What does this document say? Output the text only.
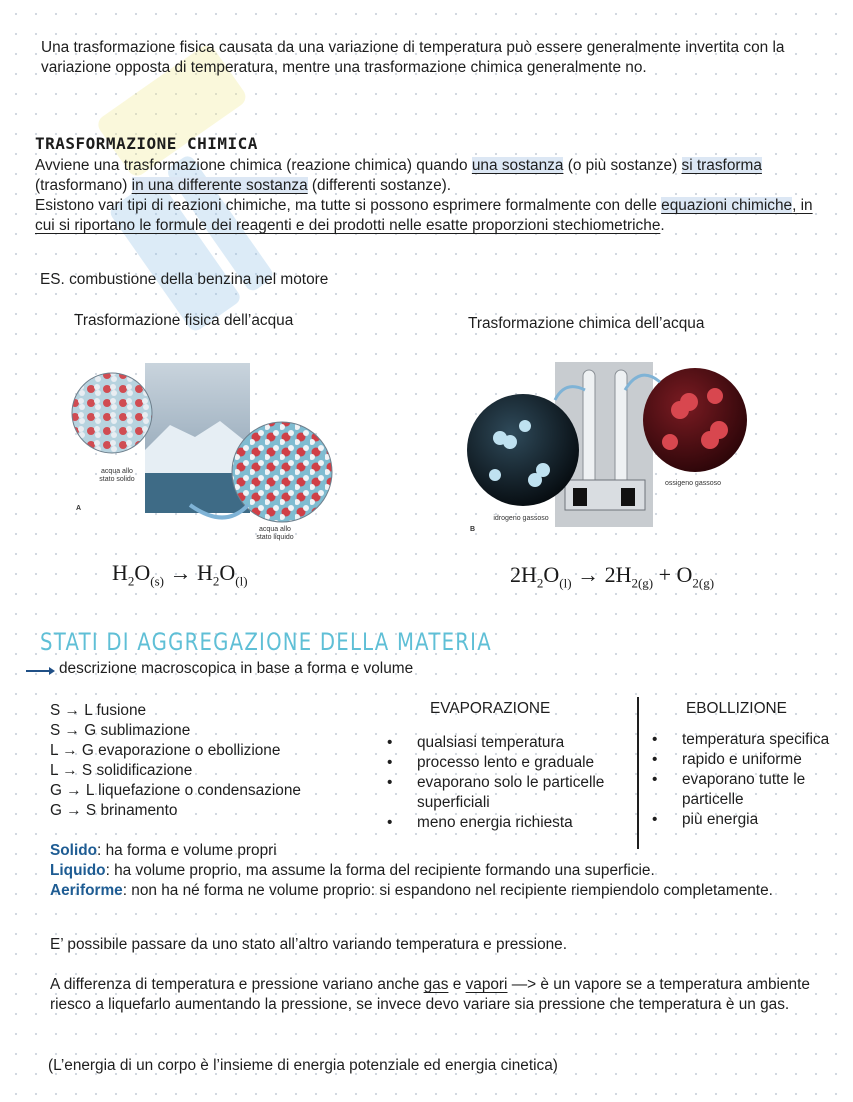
Una trasformazione fisica causata da una variazione di temperatura può essere generalmente invertita con la variazione opposta di temperatura, mentre una trasformazione chimica generalmente no.
TRASFORMAZIONE CHIMICA
Avviene una trasformazione chimica (reazione chimica) quando una sostanza (o più sostanze) si trasforma (trasformano) in una differente sostanza (differenti sostanze).
Esistono vari tipi di reazioni chimiche, ma tutte si possono esprimere formalmente con delle equazioni chimiche, in cui si riportano le formule dei reagenti e dei prodotti nelle esatte proporzioni stechiometriche.
ES. combustione della benzina nel motore
Trasformazione fisica dell’acqua	Trasformazione chimica dell’acqua
acqua allo stato solido
acqua allo stato liquido
A
idrogeno gassoso
ossigeno gassoso
B
$H_2O_{(s)} \to H_2O_{(l)}$	$2H_2O_{(l)} \to 2H_{2(g)} + O_{2(g)}$
STATI DI AGGREGAZIONE DELLA MATERIA
descrizione macroscopica in base a forma e volume
S → L fusione
S → G sublimazione
L → G evaporazione o ebollizione
L → S solidificazione
G → L liquefazione o condensazione
G → S brinamento
EVAPORAZIONE
• qualsiasi temperatura
• processo lento e graduale
• evaporano solo le particelle superficiali
• meno energia richiesta
EBOLLIZIONE
• temperatura specifica
• rapido e uniforme
• evaporano tutte le particelle
• più energia
Solido: ha forma e volume propri
Liquido: ha volume proprio, ma assume la forma del recipiente formando una superficie.
Aeriforme: non ha né forma ne volume proprio: si espandono nel recipiente riempiendolo completamente.
E’ possibile passare da uno stato all’altro variando temperatura e pressione.
A differenza di temperatura e pressione variano anche gas e vapori —> è un vapore se a temperatura ambiente riesco a liquefarlo aumentando la pressione, se invece devo variare sia pressione che temperatura è un gas.
(L’energia di un corpo è l’insieme di energia potenziale ed energia cinetica)
